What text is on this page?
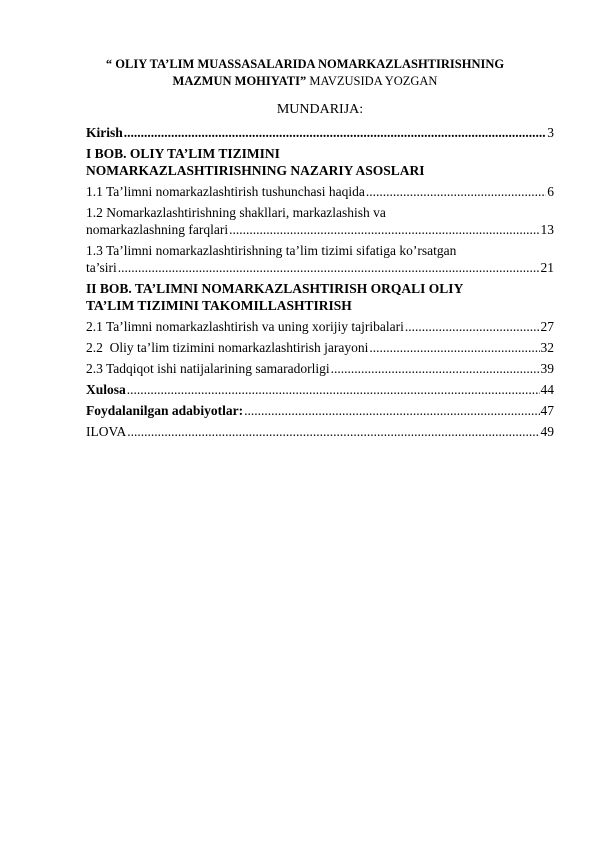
“ OLIY TA’LIM MUASSASALARIDA NOMARKAZLASHTIRISHNING
MAZMUN MOHIYATI” MAVZUSIDA YOZGAN
MUNDARIJA:
Kirish .....	3
I BOB. OLIY TA’LIM TIZIMINI
NOMARKAZLASHTIRISHNING NAZARIY ASOSLARI
1.1 Ta’limni nomarkazlashtirish tushunchasi haqida .....	6
1.2 Nomarkazlashtirishning shakllari, markazlashish va
nomarkazlashning farqlari .....	13
1.3 Ta’limni nomarkazlashtirishning ta’lim tizimi sifatiga ko’rsatgan
ta’siri .....	21
II BOB. TA’LIMNI NOMARKAZLASHTIRISH ORQALI OLIY
TA’LIM TIZIMINI TAKOMILLASHTIRISH
2.1 Ta’limni nomarkazlashtirish va uning xorijiy tajribalari .....	27
2.2  Oliy ta’lim tizimini nomarkazlashtirish jarayoni .....	32
2.3 Tadqiqot ishi natijalarining samaradorligi .....	39
Xulosa .....	44
Foydalanilgan adabiyotlar: .....	47
ILOVA .....	49
